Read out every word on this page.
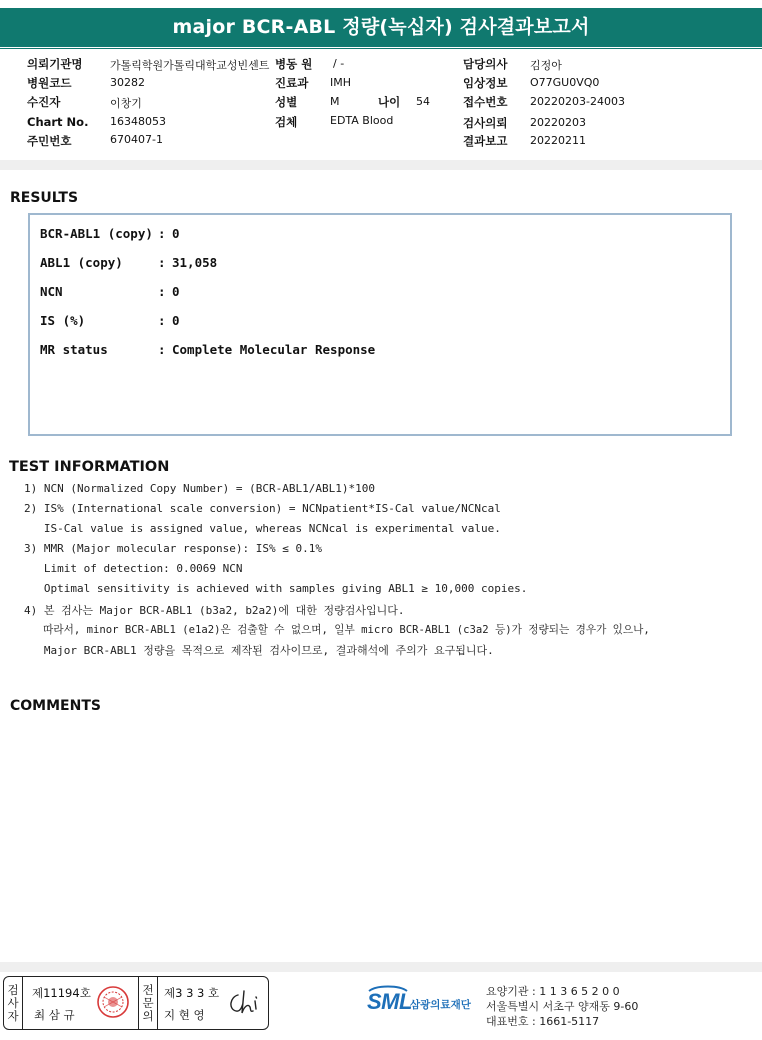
major BCR-ABL 정량(녹십자) 검사결과보고서
의뢰기관명 가톨릭학원가톨릭대학교성빈센트
병원코드	30282
수진자	이창기
Chart No. 16348053
주민번호	670407-1
병동 원 / -
진료과 IMH
성별	M	나이 54
검체	EDTA Blood
담당의사 김정아
임상정보 O77GU0VQ0
접수번호 20220203-24003
검사의뢰 20220203
결과보고 20220211
RESULTS
BCR-ABL1 (copy) : 0
ABL1 (copy)	: 31,058
NCN	: 0
IS (%)	: 0
MR status	: Complete Molecular Response
TEST INFORMATION
1) NCN (Normalized Copy Number) = (BCR-ABL1/ABL1)*100
2) IS% (International scale conversion) = NCNpatient*IS-Cal value/NCNcal
IS-Cal value is assigned value, whereas NCNcal is experimental value.
3) MMR (Major molecular response): IS% ≤ 0.1%
Limit of detection: 0.0069 NCN
Optimal sensitivity is achieved with samples giving ABL1 ≥ 10,000 copies.
4) 본 검사는 Major BCR-ABL1 (b3a2, b2a2)에 대한 정량검사입니다.
따라서, minor BCR-ABL1 (e1a2)은 검출할 수 없으며, 일부 micro BCR-ABL1 (c3a2 등)가 정량되는 경우가 있으나,
Major BCR-ABL1 정량을 목적으로 제작된 검사이므로, 결과해석에 주의가 요구됩니다.
COMMENTS
검
사
자
제11194호
최 삼 규
전
문
의
제3 3 3 호
지 현 영
SML
삼광의료재단
요양기관 : 1 1 3 6 5 2 0 0
서울특별시 서초구 양재동 9-60
대표번호 : 1661-5117
